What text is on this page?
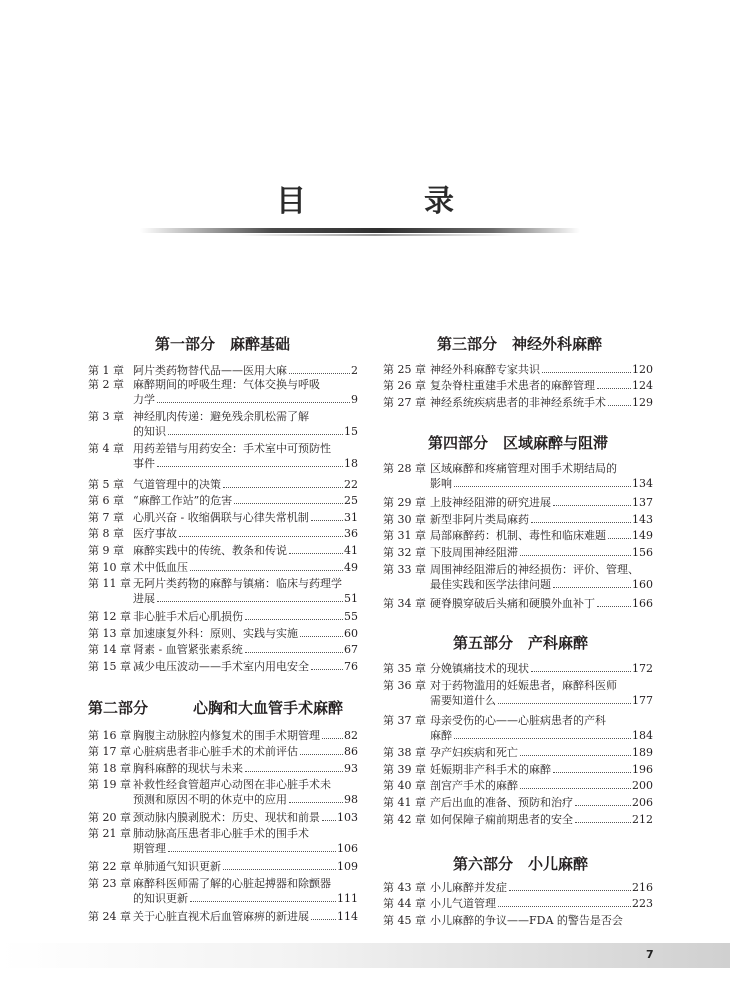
目　录
第一部分　麻醉基础
第二部分　　　心胸和大血管手术麻醉
第三部分　神经外科麻醉
第四部分　区域麻醉与阻滞
第五部分　产科麻醉
第六部分　小儿麻醉
第 1 章 阿片类药物替代品——医用大麻	2
第 2 章 麻醉期间的呼吸生理：气体交换与呼吸
力学	9
第 3 章 神经肌肉传递：避免残余肌松需了解
的知识	15
第 4 章 用药差错与用药安全：手术室中可预防性
事件	18
第 5 章 气道管理中的决策	22
第 6 章 “麻醉工作站”的危害	25
第 7 章 心肌兴奋 - 收缩偶联与心律失常机制	31
第 8 章 医疗事故	36
第 9 章 麻醉实践中的传统、教条和传说	41
第 10 章 术中低血压	49
第 11 章 无阿片类药物的麻醉与镇痛：临床与药理学
进展	51
第 12 章 非心脏手术后心肌损伤	55
第 13 章 加速康复外科：原则、实践与实施	60
第 14 章 肾素 - 血管紧张素系统	67
第 15 章 减少电压波动——手术室内用电安全	76
第 16 章 胸腹主动脉腔内修复术的围手术期管理 82
第 17 章 心脏病患者非心脏手术的术前评估	86
第 18 章 胸科麻醉的现状与未来	93
第 19 章 补救性经食管超声心动图在非心脏手术未
预测和原因不明的休克中的应用	98
第 20 章 颈动脉内膜剥脱术：历史、现状和前景 103
第 21 章 肺动脉高压患者非心脏手术的围手术
期管理	106
第 22 章 单肺通气知识更新	109
第 23 章 麻醉科医师需了解的心脏起搏器和除颤器
的知识更新	111
第 24 章 关于心脏直视术后血管麻痹的新进展	114
第 25 章 神经外科麻醉专家共识	120
第 26 章 复杂脊柱重建手术患者的麻醉管理	124
第 27 章 神经系统疾病患者的非神经系统手术 129
第 28 章 区域麻醉和疼痛管理对围手术期结局的
影响	134
第 29 章 上肢神经阻滞的研究进展	137
第 30 章 新型非阿片类局麻药	143
第 31 章 局部麻醉药：机制、毒性和临床难题 149
第 32 章 下肢周围神经阻滞	156
第 33 章 周围神经阻滞后的神经损伤：评价、管理、
最佳实践和医学法律问题	160
第 34 章 硬脊膜穿破后头痛和硬膜外血补丁	166
第 35 章 分娩镇痛技术的现状	172
第 36 章 对于药物滥用的妊娠患者，麻醉科医师
需要知道什么	177
第 37 章 母亲受伤的心——心脏病患者的产科
麻醉	184
第 38 章 孕产妇疾病和死亡	189
第 39 章 妊娠期非产科手术的麻醉	196
第 40 章 剖宫产手术的麻醉	200
第 41 章 产后出血的准备、预防和治疗	206
第 42 章 如何保障子痫前期患者的安全	212
第 43 章 小儿麻醉并发症	216
第 44 章 小儿气道管理	223
第 45 章 小儿麻醉的争议——FDA 的警告是否会
7
